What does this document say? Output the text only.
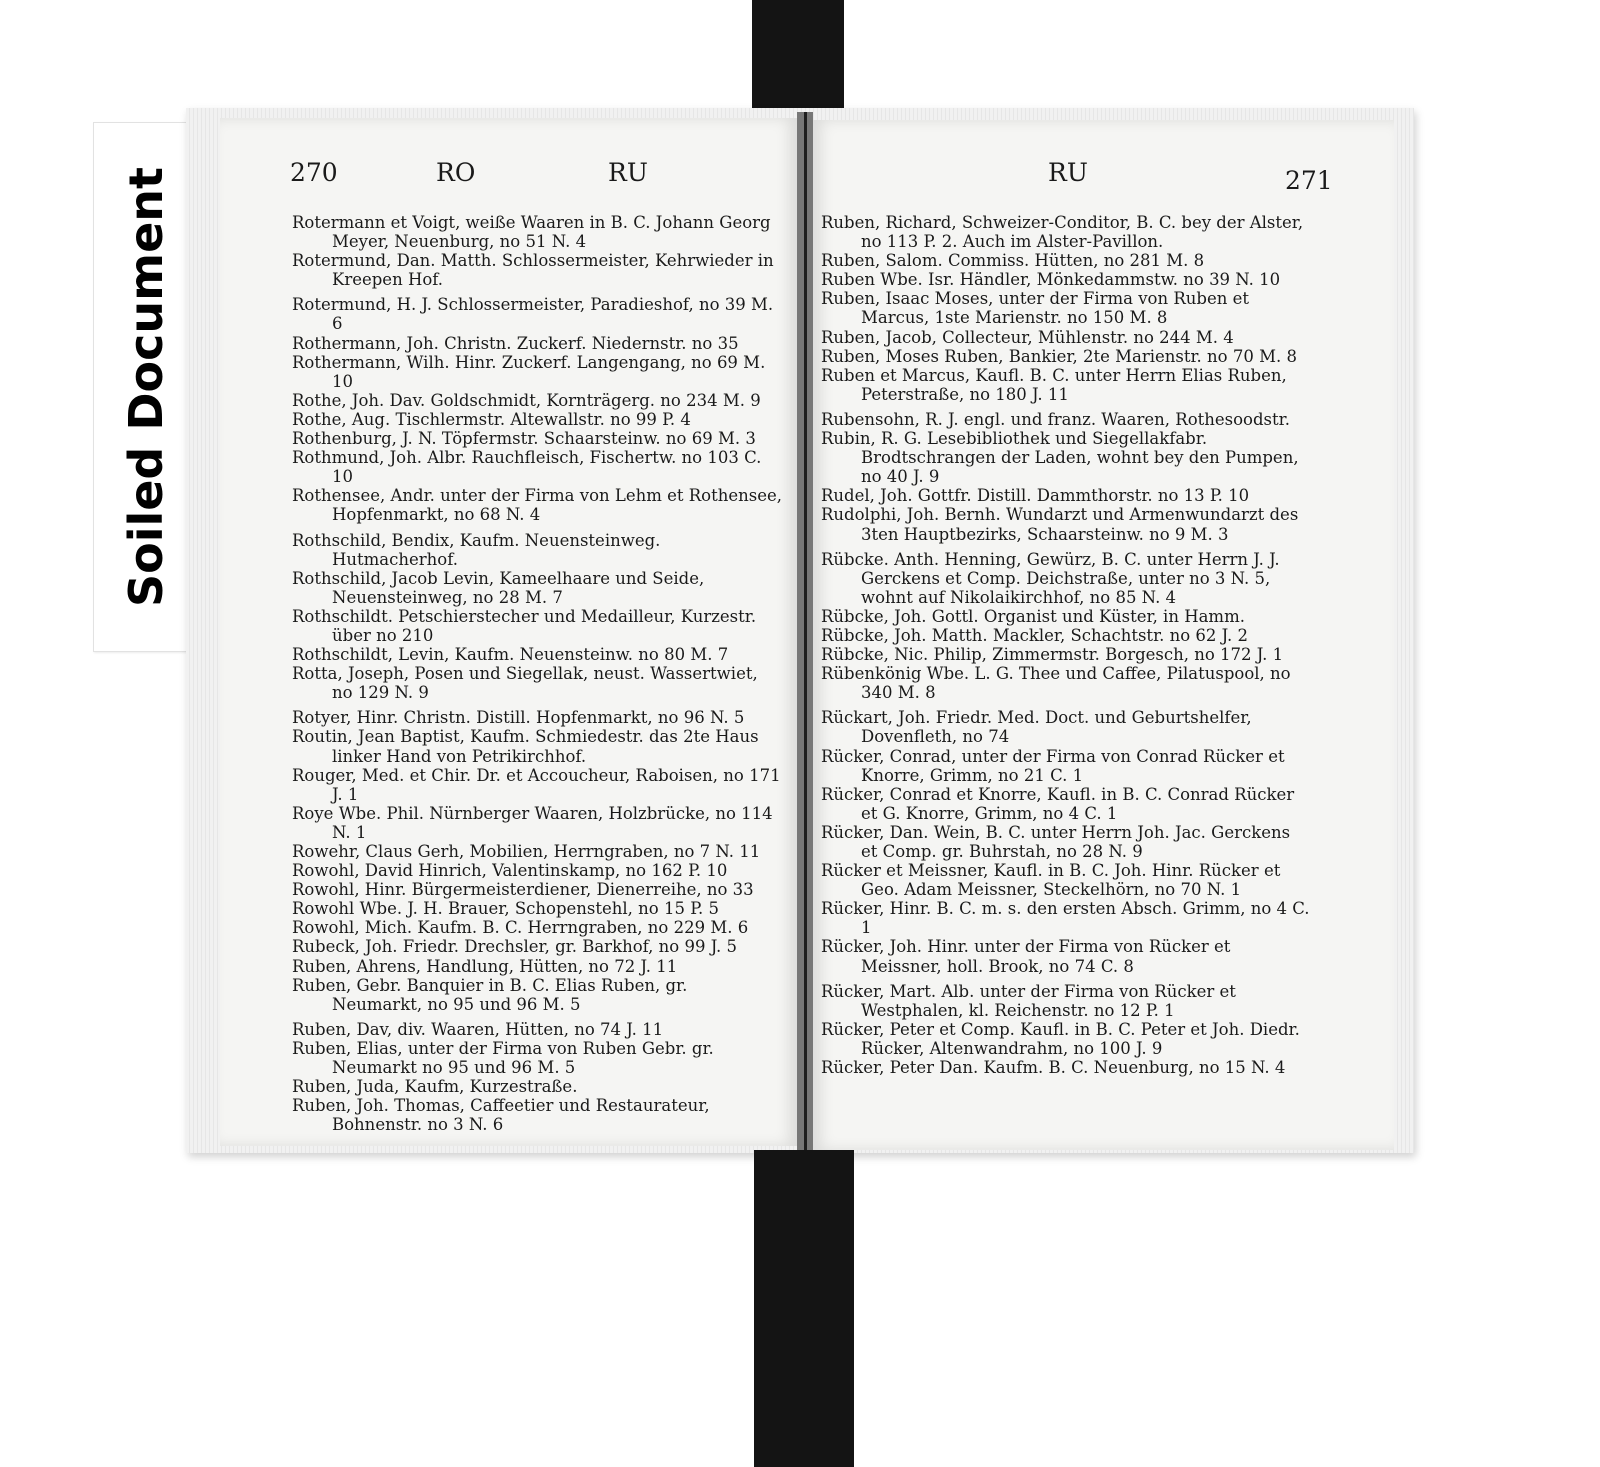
Soiled Document	270	RO	RU

Rotermann et Voigt, weiße Waaren in B. C. Johann Georg Meyer, Neuenburg, no 51 N. 4

Rotermund, Dan. Matth. Schlossermeister, Kehrwieder in Kreepen Hof.

Rotermund, H. J. Schlossermeister, Paradieshof, no 39 M. 6

Rothermann, Joh. Christn. Zuckerf. Niedernstr. no 35

Rothermann, Wilh. Hinr. Zuckerf. Langengang, no 69 M. 10

Rothe, Joh. Dav. Goldschmidt, Kornträgerg. no 234 M. 9

Rothe, Aug. Tischlermstr. Altewallstr. no 99 P. 4

Rothenburg, J. N. Töpfermstr. Schaarsteinw. no 69 M. 3

Rothmund, Joh. Albr. Rauchfleisch, Fischertw. no 103 C. 10

Rothensee, Andr. unter der Firma von Lehm et Rothensee, Hopfenmarkt, no 68 N. 4

Rothschild, Bendix, Kaufm. Neuensteinweg. Hutmacherhof.

Rothschild, Jacob Levin, Kameelhaare und Seide, Neuensteinweg, no 28 M. 7

Rothschildt. Petschierstecher und Medailleur, Kurzestr. über no 210

Rothschildt, Levin, Kaufm. Neuensteinw. no 80 M. 7

Rotta, Joseph, Posen und Siegellak, neust. Wassertwiet, no 129 N. 9

Rotyer, Hinr. Christn. Distill. Hopfenmarkt, no 96 N. 5

Routin, Jean Baptist, Kaufm. Schmiedestr. das 2te Haus linker Hand von Petrikirchhof.

Rouger, Med. et Chir. Dr. et Accoucheur, Raboisen, no 171 J. 1

Roye Wbe. Phil. Nürnberger Waaren, Holzbrücke, no 114 N. 1

Rowehr, Claus Gerh, Mobilien, Herrngraben, no 7 N. 11

Rowohl, David Hinrich, Valentinskamp, no 162 P. 10

Rowohl, Hinr. Bürgermeisterdiener, Dienerreihe, no 33

Rowohl Wbe. J. H. Brauer, Schopenstehl, no 15 P. 5

Rowohl, Mich. Kaufm. B. C. Herrngraben, no 229 M. 6

Rubeck, Joh. Friedr. Drechsler, gr. Barkhof, no 99 J. 5

Ruben, Ahrens, Handlung, Hütten, no 72 J. 11

Ruben, Gebr. Banquier in B. C. Elias Ruben, gr. Neumarkt, no 95 und 96 M. 5

Ruben, Dav, div. Waaren, Hütten, no 74 J. 11

Ruben, Elias, unter der Firma von Ruben Gebr. gr. Neumarkt no 95 und 96 M. 5

Ruben, Juda, Kaufm, Kurzestraße.

Ruben, Joh. Thomas, Caffeetier und Restaurateur, Bohnenstr. no 3 N. 6

RU	271

Ruben, Richard, Schweizer-Conditor, B. C. bey der Alster, no 113 P. 2. Auch im Alster-Pavillon.

Ruben, Salom. Commiss. Hütten, no 281 M. 8

Ruben Wbe. Isr. Händler, Mönkedammstw. no 39 N. 10

Ruben, Isaac Moses, unter der Firma von Ruben et Marcus, 1ste Marienstr. no 150 M. 8

Ruben, Jacob, Collecteur, Mühlenstr. no 244 M. 4

Ruben, Moses Ruben, Bankier, 2te Marienstr. no 70 M. 8

Ruben et Marcus, Kaufl. B. C. unter Herrn Elias Ruben, Peterstraße, no 180 J. 11

Rubensohn, R. J. engl. und franz. Waaren, Rothesoodstr.

Rubin, R. G. Lesebibliothek und Siegellakfabr. Brodtschrangen der Laden, wohnt bey den Pumpen, no 40 J. 9

Rudel, Joh. Gottfr. Distill. Dammthorstr. no 13 P. 10

Rudolphi, Joh. Bernh. Wundarzt und Armenwundarzt des 3ten Hauptbezirks, Schaarsteinw. no 9 M. 3

Rübcke. Anth. Henning, Gewürz, B. C. unter Herrn J. J. Gerckens et Comp. Deichstraße, unter no 3 N. 5, wohnt auf Nikolaikirchhof, no 85 N. 4

Rübcke, Joh. Gottl. Organist und Küster, in Hamm.

Rübcke, Joh. Matth. Mackler, Schachtstr. no 62 J. 2

Rübcke, Nic. Philip, Zimmermstr. Borgesch, no 172 J. 1

Rübenkönig Wbe. L. G. Thee und Caffee, Pilatuspool, no 340 M. 8

Rückart, Joh. Friedr. Med. Doct. und Geburtshelfer, Dovenfleth, no 74

Rücker, Conrad, unter der Firma von Conrad Rücker et Knorre, Grimm, no 21 C. 1

Rücker, Conrad et Knorre, Kaufl. in B. C. Conrad Rücker et G. Knorre, Grimm, no 4 C. 1

Rücker, Dan. Wein, B. C. unter Herrn Joh. Jac. Gerckens et Comp. gr. Buhrstah, no 28 N. 9

Rücker et Meissner, Kaufl. in B. C. Joh. Hinr. Rücker et Geo. Adam Meissner, Steckelhörn, no 70 N. 1

Rücker, Hinr. B. C. m. s. den ersten Absch. Grimm, no 4 C. 1

Rücker, Joh. Hinr. unter der Firma von Rücker et Meissner, holl. Brook, no 74 C. 8

Rücker, Mart. Alb. unter der Firma von Rücker et Westphalen, kl. Reichenstr. no 12 P. 1

Rücker, Peter et Comp. Kaufl. in B. C. Peter et Joh. Diedr. Rücker, Altenwandrahm, no 100 J. 9

Rücker, Peter Dan. Kaufm. B. C. Neuenburg, no 15 N. 4
